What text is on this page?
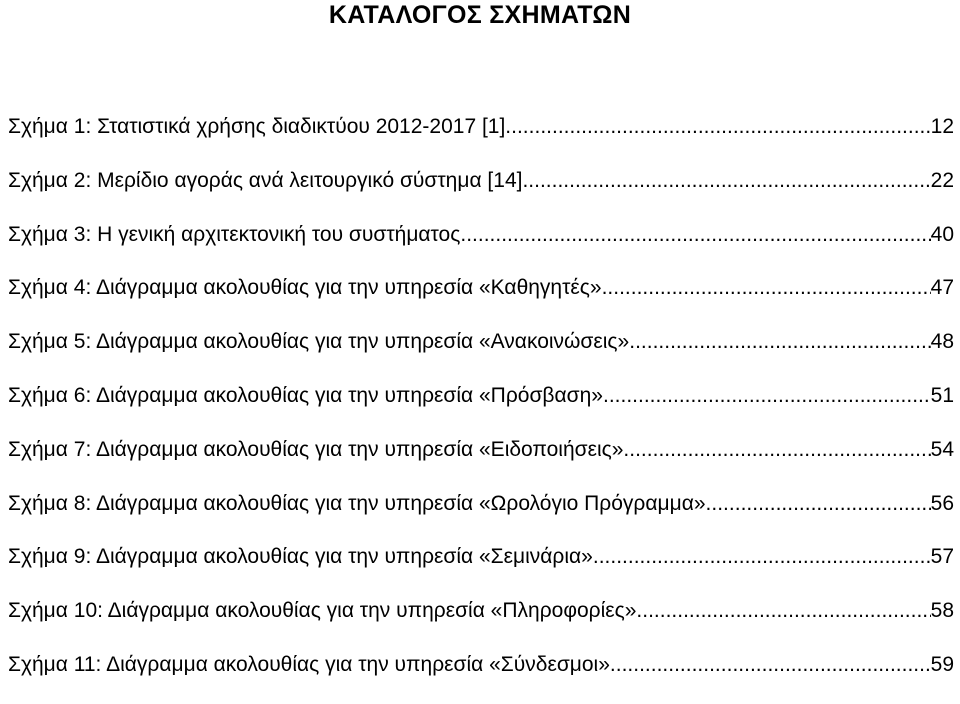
ΚΑΤΑΛΟΓΟΣ ΣΧΗΜΑΤΩΝ
Σχήμα 1: Στατιστικά χρήσης διαδικτύου 2012-2017 [1]. .....	12
Σχήμα 2: Μερίδιο αγοράς ανά λειτουργικό σύστημα [14]. .....	22
Σχήμα 3: Η γενική αρχιτεκτονική του συστήματος. .....	40
Σχήμα 4: Διάγραμμα ακολουθίας για την υπηρεσία «Καθηγητές». .....	47
Σχήμα 5: Διάγραμμα ακολουθίας για την υπηρεσία «Ανακοινώσεις». .....	48
Σχήμα 6: Διάγραμμα ακολουθίας για την υπηρεσία «Πρόσβαση» .....	51
Σχήμα 7: Διάγραμμα ακολουθίας για την υπηρεσία «Ειδοποιήσεις». .....	54
Σχήμα 8: Διάγραμμα ακολουθίας για την υπηρεσία «Ωρολόγιο Πρόγραμμα». .....	56
Σχήμα 9: Διάγραμμα ακολουθίας για την υπηρεσία «Σεμινάρια» .....	57
Σχήμα 10: Διάγραμμα ακολουθίας για την υπηρεσία «Πληροφορίες». .....	58
Σχήμα 11: Διάγραμμα ακολουθίας για την υπηρεσία «Σύνδεσμοι». .....	59
